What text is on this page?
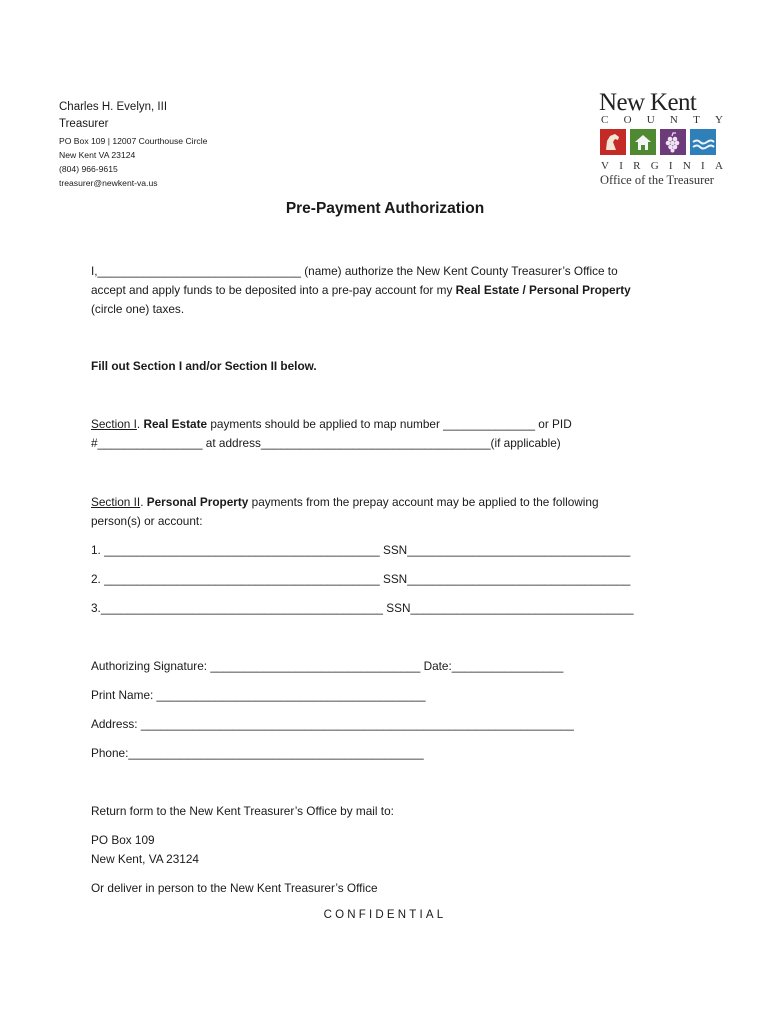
Charles H. Evelyn, III
Treasurer
PO Box 109 | 12007 Courthouse Circle
New Kent VA 23124
(804) 966-9615
treasurer@newkent-va.us
New Kent
C O U N T Y
V I R G I N I A
Office of the Treasurer
Pre-Payment Authorization
I,_______________________________ (name) authorize the New Kent County Treasurer’s Office to
accept and apply funds to be deposited into a pre-pay account for my Real Estate / Personal Property
(circle one) taxes.
Fill out Section I and/or Section II below.
Section I. Real Estate payments should be applied to map number ______________ or PID
#________________ at address___________________________________(if applicable)
Section II. Personal Property payments from the prepay account may be applied to the following
person(s) or account:
1. __________________________________________ SSN__________________________________
2. __________________________________________ SSN__________________________________
3.___________________________________________ SSN__________________________________
Authorizing Signature: ________________________________ Date:_________________
Print Name: _________________________________________
Address: __________________________________________________________________
Phone:_____________________________________________
Return form to the New Kent Treasurer’s Office by mail to:
PO Box 109
New Kent, VA 23124
Or deliver in person to the New Kent Treasurer’s Office
CONFIDENTIAL
